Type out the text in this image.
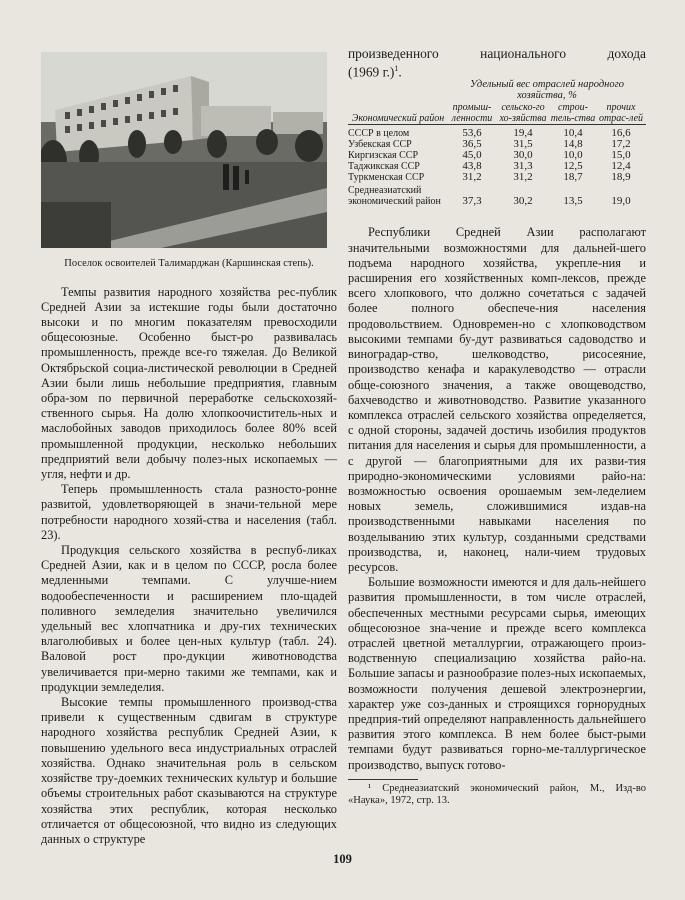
Поселок освоителей Талимарджан (Каршинская степь).

Темпы развития народного хозяйства рес-публик Средней Азии за истекшие годы были достаточно высоки и по многим показателям превосходили общесоюзные. Особенно быст-ро развивалась промышленность, прежде все-го тяжелая. До Великой Октябрьской социа-листической революции в Средней Азии были лишь небольшие предприятия, главным обра-зом по первичной переработке сельскохозяй-ственного сырья. На долю хлопкоочиститель-ных и маслобойных заводов приходилось более 80% всей промышленной продукции, несколько небольших предприятий вели добычу полез-ных ископаемых — угля, нефти и др.

Теперь промышленность стала разносто-ронне развитой, удовлетворяющей в значи-тельной мере потребности народного хозяй-ства и населения (табл. 23).

Продукция сельского хозяйства в респуб-ликах Средней Азии, как и в целом по СССР, росла более медленными темпами. С улучше-нием водообеспеченности и расширением пло-щадей поливного земледелия значительно увеличился удельный вес хлопчатника и дру-гих технических влаголюбивых и более цен-ных культур (табл. 24). Валовой рост про-дукции животноводства увеличивается при-мерно такими же темпами, как и продукции земледелия.

Высокие темпы промышленного производ-ства привели к существенным сдвигам в структуре народного хозяйства республик Средней Азии, к повышению удельного веса индустриальных отраслей хозяйства. Однако значительная роль в сельском хозяйстве тру-доемких технических культур и большие объемы строительных работ сказываются на структуре хозяйства этих республик, которая несколько отличается от общесоюзной, что видно из следующих данных о структуре

произведенного	национального	дохода
(1969 г.)$^1$.
Удельный вес отраслей народного хозяйства, %
Экономический район	промыш-ленности	сельско-го хо-зяйства	строи-тель-ства	прочих отрас-лей

СССР в целом	53,6	19,4	10,4	16,6
Узбекская ССР	36,5	31,5	14,8	17,2
Киргизская ССР	45,0	30,0	10,0	15,0
Таджикская ССР	43,8	31,3	12,5	12,4
Туркменская ССР	31,2	31,2	18,7	18,9
Среднеазиатский экономический район	37,3	30,2	13,5	19,0

Республики Средней Азии располагают значительными возможностями для дальней-шего подъема народного хозяйства, укрепле-ния и расширения его хозяйственных комп-лексов, прежде всего хлопкового, что должно сочетаться с задачей более полного обеспече-ния населения продовольствием. Одновремен-но с хлопководством высокими темпами бу-дут развиваться садоводство и виноградар-ство, шелководство, рисосеяние, производство кенафа и каракулеводство — отрасли обще-союзного значения, а также овощеводство, бахчеводство и животноводство. Развитие указанного комплекса отраслей сельского хозяйства определяется, с одной стороны, задачей достичь изобилия продуктов питания для населения и сырья для промышленности, а с другой — благоприятными для их разви-тия природно-экономическими условиями райо-на: возможностью освоения орошаемым зем-леделием новых земель, сложившимися издав-на производственными навыками населения по возделыванию этих культур, созданными средствами производства, и, наконец, нали-чием трудовых ресурсов.

Большие возможности имеются и для даль-нейшего развития промышленности, в том числе отраслей, обеспеченных местными ресурсами сырья, имеющих общесоюзное зна-чение и прежде всего комплекса отраслей цветной металлургии, отражающего произ-водственную специализацию хозяйства райо-на. Большие запасы и разнообразие полез-ных ископаемых, возможности получения дешевой электроэнергии, характер уже соз-данных и строящихся горнорудных предприя-тий определяют направленность дальнейшего развития этого комплекса. В нем более быст-рыми темпами будут развиваться горно-ме-таллургическое производство, выпуск готово-

¹ Среднеазиатский экономический район, М., Изд-во «Наука», 1972, стр. 13.

109
